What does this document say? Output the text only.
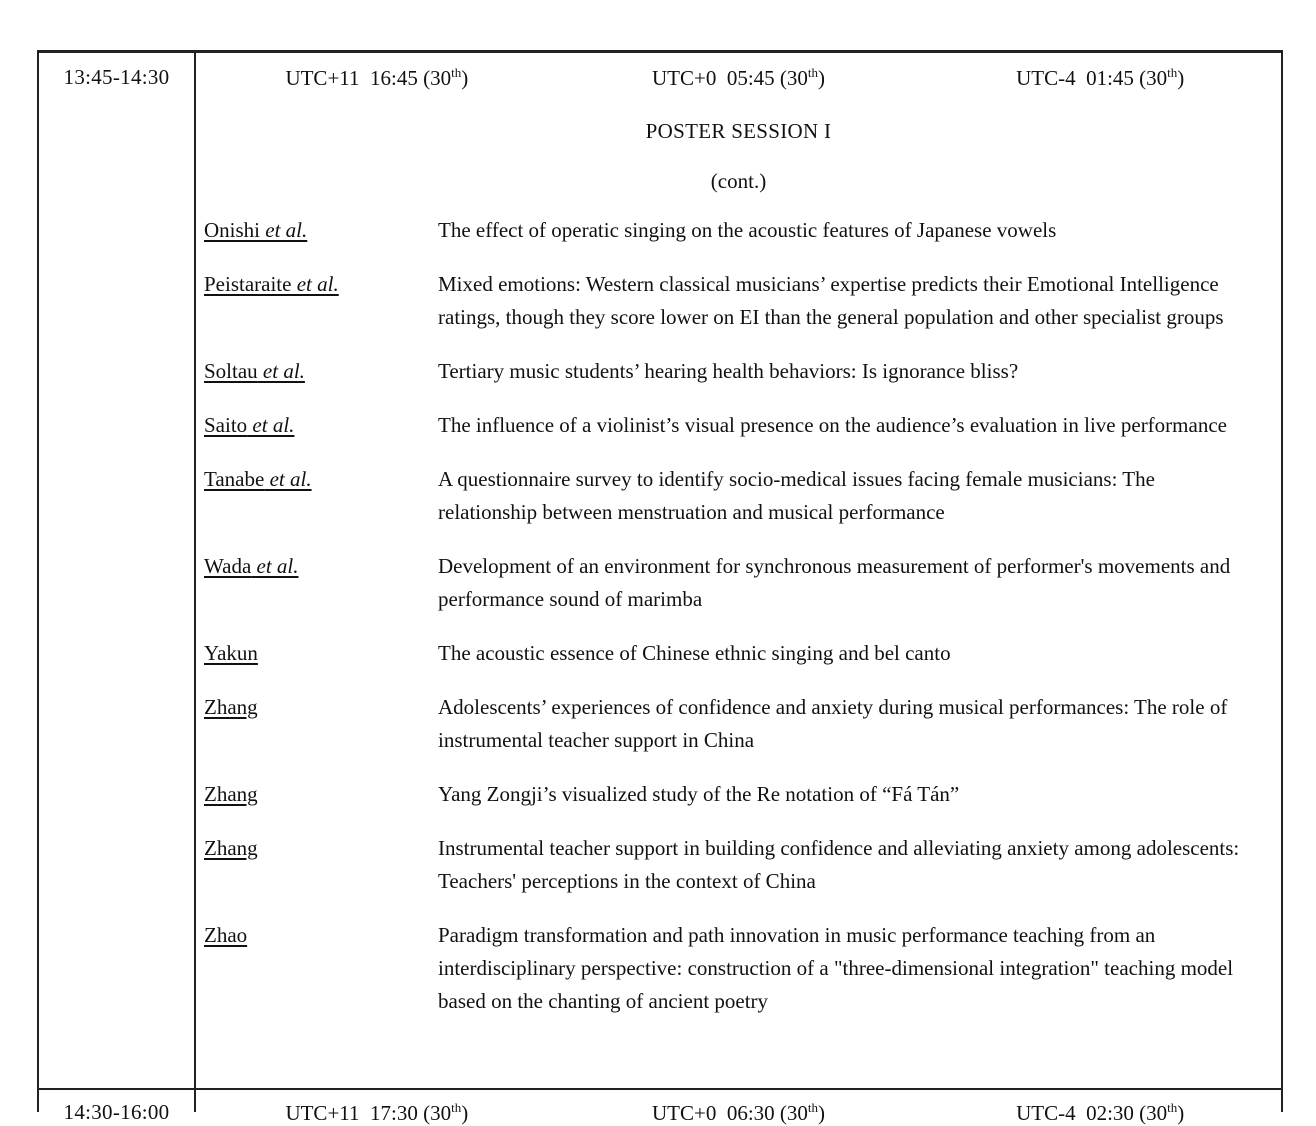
13:45-14:30	UTC+11  16:45 (30th)	UTC+0  05:45 (30th)	UTC-4  01:45 (30th)
POSTER SESSION I
(cont.)
Onishi et al.	The effect of operatic singing on the acoustic features of Japanese vowels
Peistaraite et al.	Mixed emotions: Western classical musicians’ expertise predicts their Emotional Intelligence ratings, though they score lower on EI than the general population and other specialist groups
Soltau et al.	Tertiary music students’ hearing health behaviors: Is ignorance bliss?
Saito et al.	The influence of a violinist’s visual presence on the audience’s evaluation in live performance
Tanabe et al.	A questionnaire survey to identify socio-medical issues facing female musicians: The relationship between menstruation and musical performance
Wada et al.	Development of an environment for synchronous measurement of performer's movements and performance sound of marimba
Yakun	The acoustic essence of Chinese ethnic singing and bel canto
Zhang	Adolescents’ experiences of confidence and anxiety during musical performances: The role of instrumental teacher support in China
Zhang	Yang Zongji’s visualized study of the Re notation of “Fá Tán”
Zhang	Instrumental teacher support in building confidence and alleviating anxiety among adolescents: Teachers' perceptions in the context of China
Zhao	Paradigm transformation and path innovation in music performance teaching from an interdisciplinary perspective: construction of a "three-dimensional integration" teaching model based on the chanting of ancient poetry
14:30-16:00	UTC+11  17:30 (30th)	UTC+0  06:30 (30th)	UTC-4  02:30 (30th)
